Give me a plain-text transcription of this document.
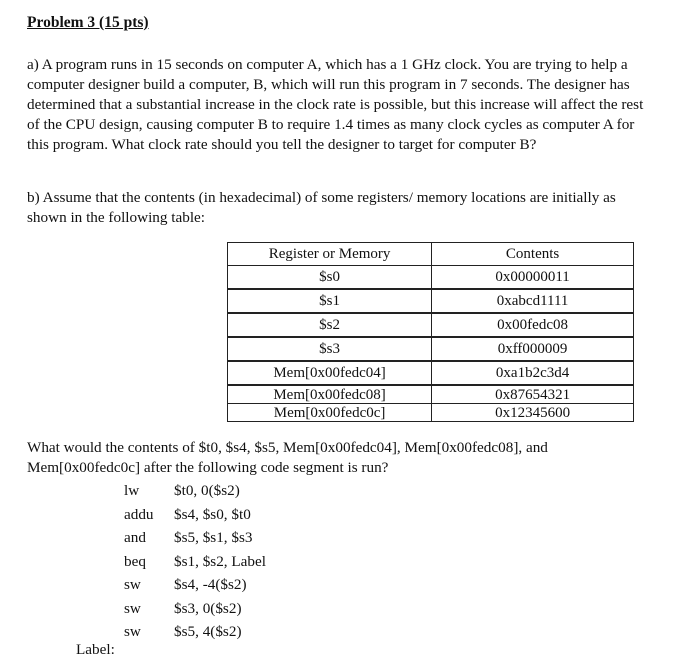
Problem 3 (15 pts)
a) A program runs in 15 seconds on computer A, which has a 1 GHz clock. You are trying to help a
computer designer build a computer, B, which will run this program in 7 seconds. The designer has
determined that a substantial increase in the clock rate is possible, but this increase will affect the rest
of the CPU design, causing computer B to require 1.4 times as many clock cycles as computer A for
this program. What clock rate should you tell the designer to target for computer B?
b) Assume that the contents (in hexadecimal) of some registers/ memory locations are initially as
shown in the following table:
Register or Memory	Contents
$s0	0x00000011
$s1	0xabcd1111
$s2	0x00fedc08
$s3	0xff000009
Mem[0x00fedc04]	0xa1b2c3d4
Mem[0x00fedc08]	0x87654321
Mem[0x00fedc0c]	0x12345600
What would the contents of $t0, $s4, $s5, Mem[0x00fedc04], Mem[0x00fedc08], and
Mem[0x00fedc0c] after the following code segment is run?
lw	$t0, 0($s2)
addu	$s4, $s0, $t0
and	$s5, $s1, $s3
beq	$s1, $s2, Label
sw	$s4, -4($s2)
sw	$s3, 0($s2)
sw	$s5, 4($s2)
Label:
